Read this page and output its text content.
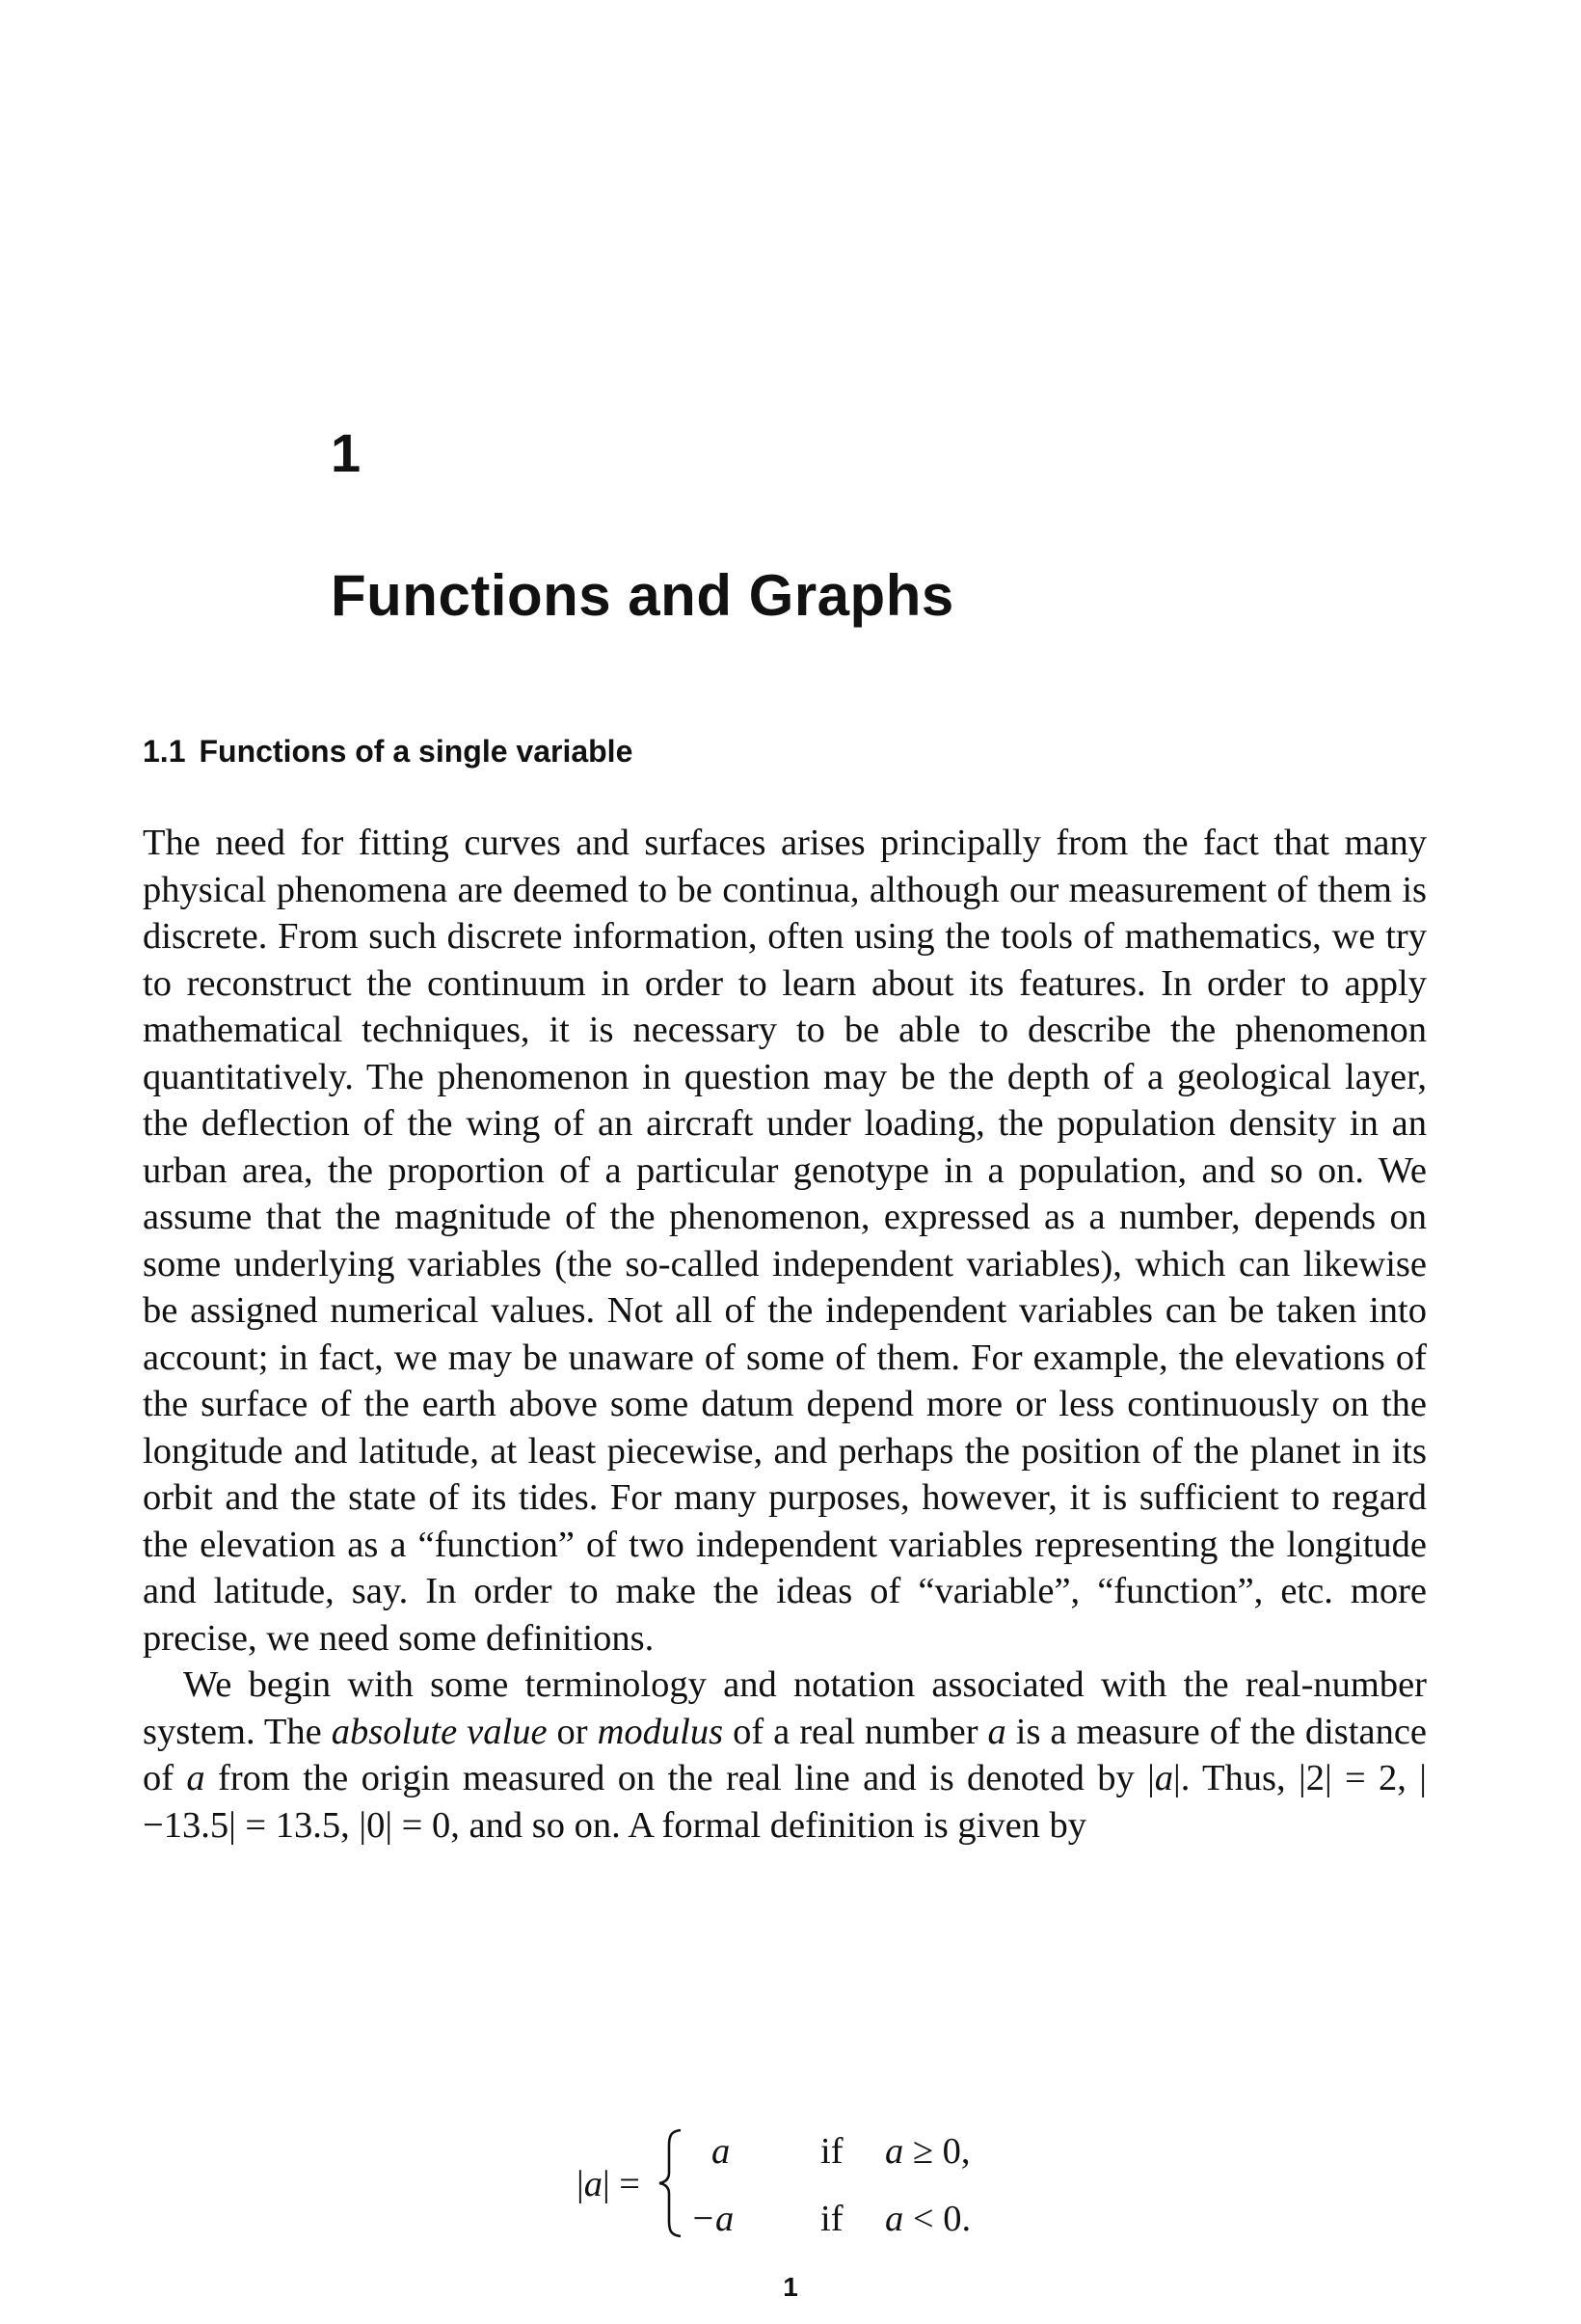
1
Functions and Graphs
1.1 Functions of a single variable

The need for fitting curves and surfaces arises principally from the fact that many physical phenomena are deemed to be continua, although our measurement of them is discrete. From such discrete information, often using the tools of mathematics, we try to reconstruct the continuum in order to learn about its features. In order to apply mathematical techniques, it is necessary to be able to describe the phenomenon quantitatively. The phenomenon in question may be the depth of a geological layer, the deflection of the wing of an aircraft under loading, the population density in an urban area, the proportion of a particular genotype in a population, and so on. We assume that the magnitude of the phenomenon, expressed as a number, depends on some underlying variables (the so-called independent variables), which can likewise be assigned numerical values. Not all of the independent variables can be taken into account; in fact, we may be unaware of some of them. For example, the elevations of the surface of the earth above some datum depend more or less continuously on the longitude and latitude, at least piecewise, and perhaps the position of the planet in its orbit and the state of its tides. For many purposes, however, it is sufficient to regard the elevation as a “function” of two independent variables representing the longitude and latitude, say. In order to make the ideas of “variable”, “function”, etc. more precise, we need some definitions.

We begin with some terminology and notation associated with the real-number system. The absolute value or modulus of a real number a is a measure of the distance of a from the origin measured on the real line and is denoted by |a|. Thus, |2| = 2, |−13.5| = 13.5, |0| = 0, and so on. A formal definition is given by

|a| =
a if a ≥ 0,
−a if a < 0.
1
